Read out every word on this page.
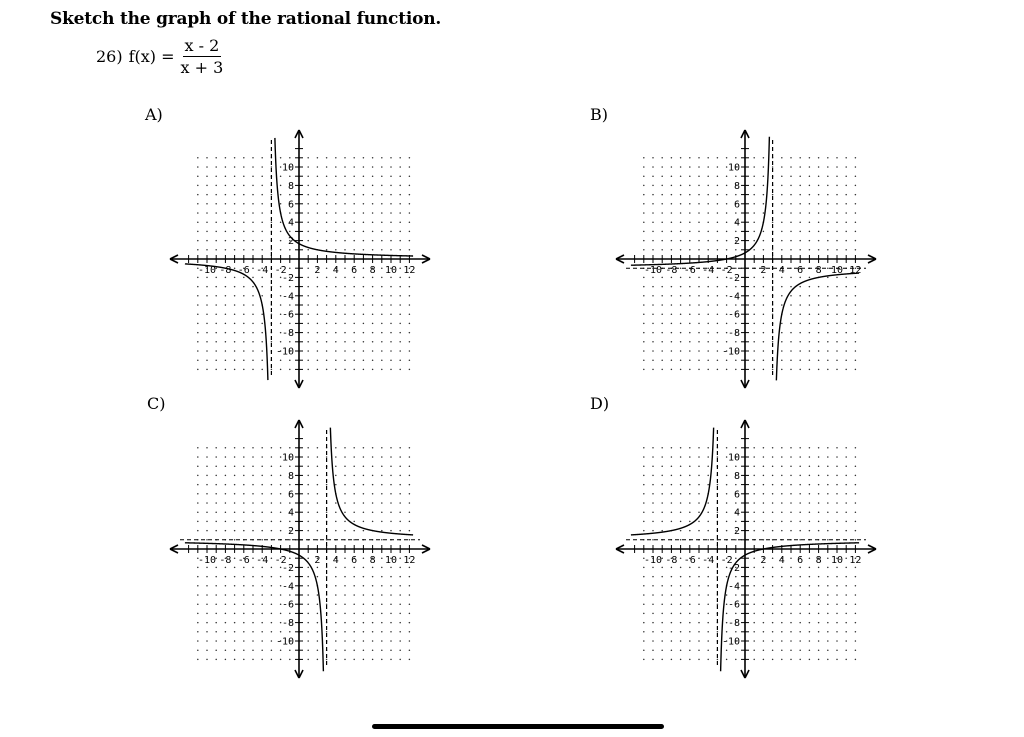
Sketch the graph of the rational function.
26) $f(x) = \frac{x - 2}{x + 3}$
A)	B)
C)	D)
-10 -8 -6 -4 -2	2 4 6 8 10 12
10
8
6
4
2
-2
-4
-6
-8
-10
-10 -8 -6 -4 -2	2 4 6 8 10 12
10
8
6
4
2
-2
-4
-6
-8
-10
-10 -8 -6 -4 -2	2 4 6 8 10 12
10
8
6
4
2
-2
-4
-6
-8
-10
-10 -8 -6 -4 -2	2 4 6 8 10 12
10
8
6
4
2
-2
-4
-6
-8
-10
